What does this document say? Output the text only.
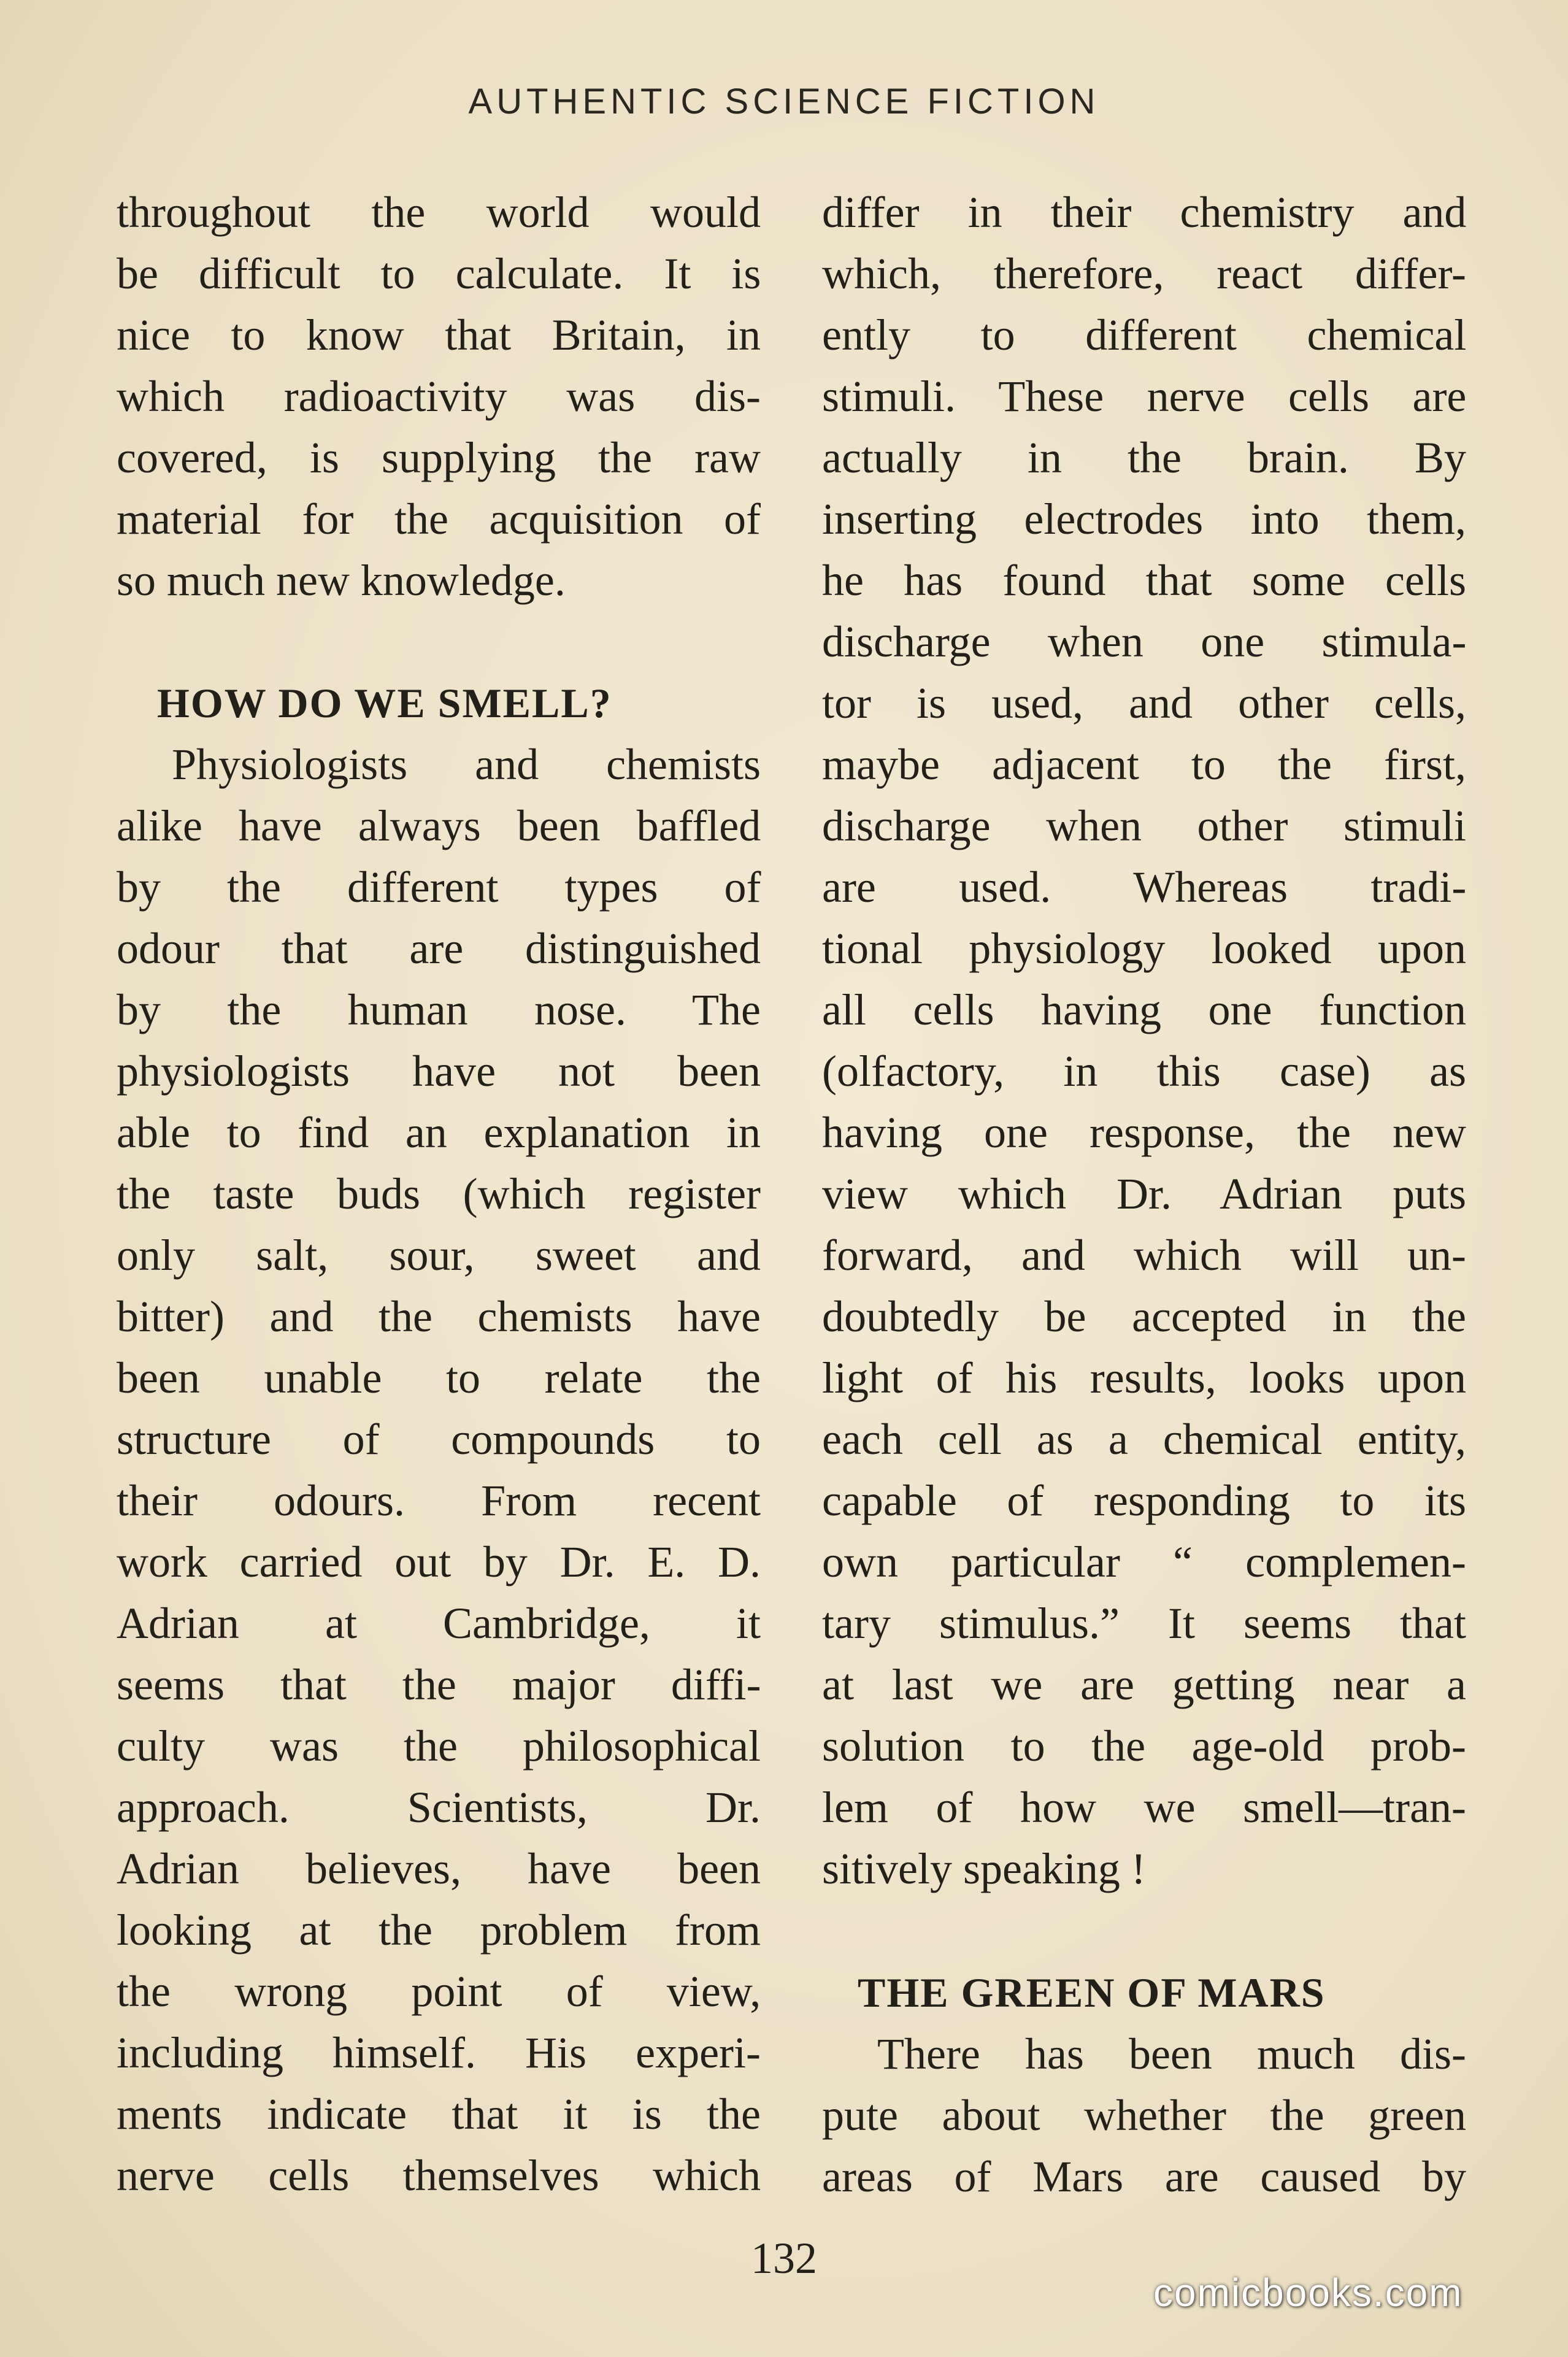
AUTHENTIC SCIENCE FICTION

throughout the world would
be difficult to calculate. It is
nice to know that Britain, in
which radioactivity was dis-
covered, is supplying the raw
material for the acquisition of
so much new knowledge.

HOW DO WE SMELL?

Physiologists and chemists
alike have always been baffled
by the different types of
odour that are distinguished
by the human nose. The
physiologists have not been
able to find an explanation in
the taste buds (which register
only salt, sour, sweet and
bitter) and the chemists have
been unable to relate the
structure of compounds to
their odours. From recent
work carried out by Dr. E. D.
Adrian at Cambridge, it
seems that the major diffi-
culty was the philosophical
approach. Scientists, Dr.
Adrian believes, have been
looking at the problem from
the wrong point of view,
including himself. His experi-
ments indicate that it is the
nerve cells themselves which

differ in their chemistry and
which, therefore, react differ-
ently to different chemical
stimuli. These nerve cells are
actually in the brain. By
inserting electrodes into them,
he has found that some cells
discharge when one stimula-
tor is used, and other cells,
maybe adjacent to the first,
discharge when other stimuli
are used. Whereas tradi-
tional physiology looked upon
all cells having one function
(olfactory, in this case) as
having one response, the new
view which Dr. Adrian puts
forward, and which will un-
doubtedly be accepted in the
light of his results, looks upon
each cell as a chemical entity,
capable of responding to its
own particular “ complemen-
tary stimulus.” It seems that
at last we are getting near a
solution to the age-old prob-
lem of how we smell—tran-
sitively speaking !

THE GREEN OF MARS

There has been much dis-
pute about whether the green
areas of Mars are caused by

132
comicbooks.com
